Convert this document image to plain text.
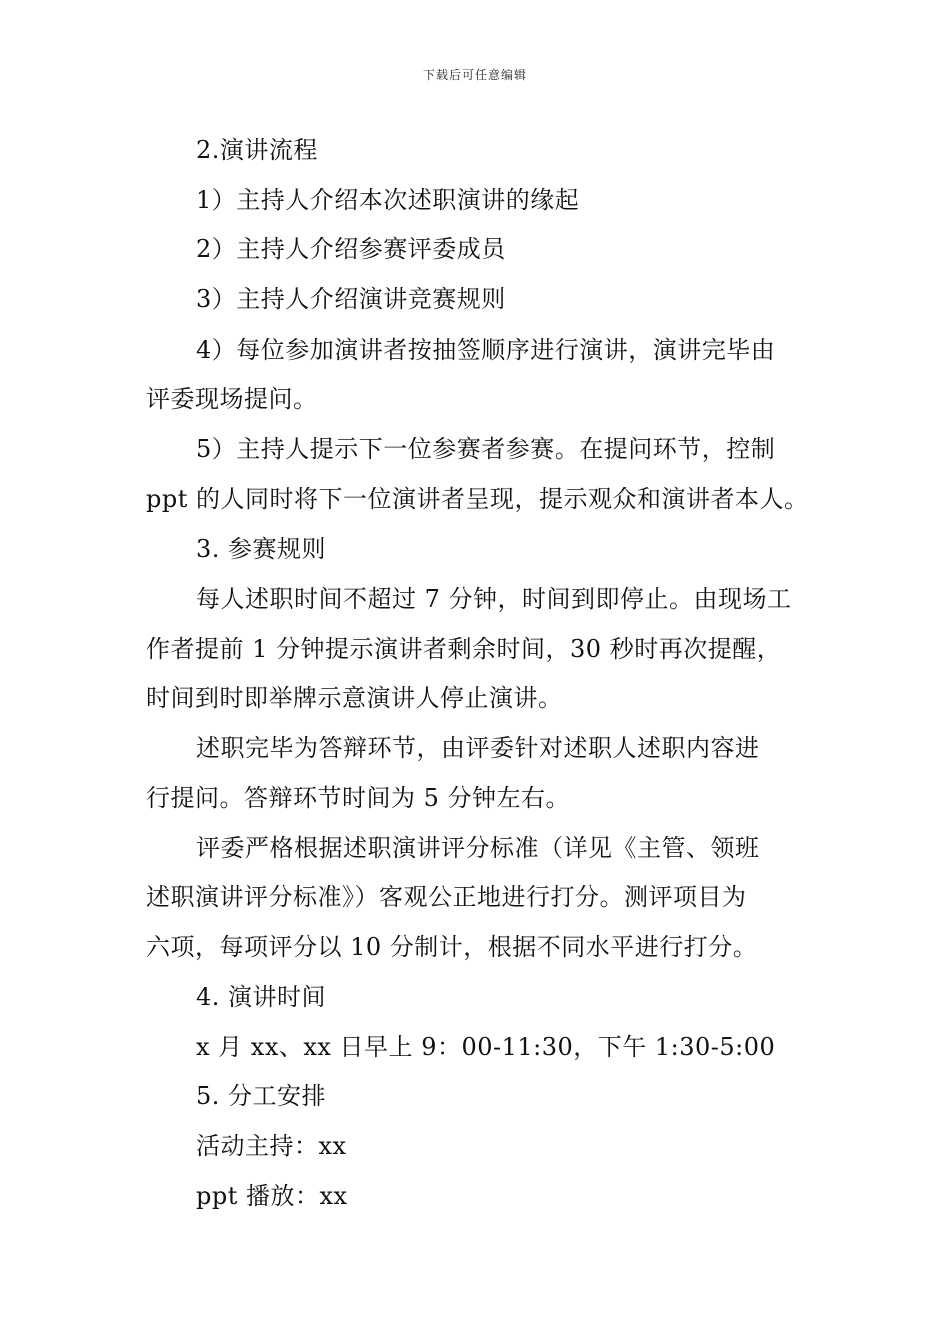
下载后可任意编辑
2.演讲流程
1）主持人介绍本次述职演讲的缘起
2）主持人介绍参赛评委成员
3）主持人介绍演讲竞赛规则
4）每位参加演讲者按抽签顺序进行演讲，演讲完毕由
评委现场提问。
5）主持人提示下一位参赛者参赛。在提问环节，控制
ppt 的人同时将下一位演讲者呈现，提示观众和演讲者本人。
3. 参赛规则
每人述职时间不超过 7 分钟，时间到即停止。由现场工
作者提前 1 分钟提示演讲者剩余时间，30 秒时再次提醒，
时间到时即举牌示意演讲人停止演讲。
述职完毕为答辩环节，由评委针对述职人述职内容进
行提问。答辩环节时间为 5 分钟左右。
评委严格根据述职演讲评分标准（详见《主管、领班
述职演讲评分标准》）客观公正地进行打分。测评项目为
六项，每项评分以 10 分制计，根据不同水平进行打分。
4. 演讲时间
x 月 xx、xx 日早上 9：00-11:30，下午 1:30-5:00
5. 分工安排
活动主持：xx
ppt 播放：xx
